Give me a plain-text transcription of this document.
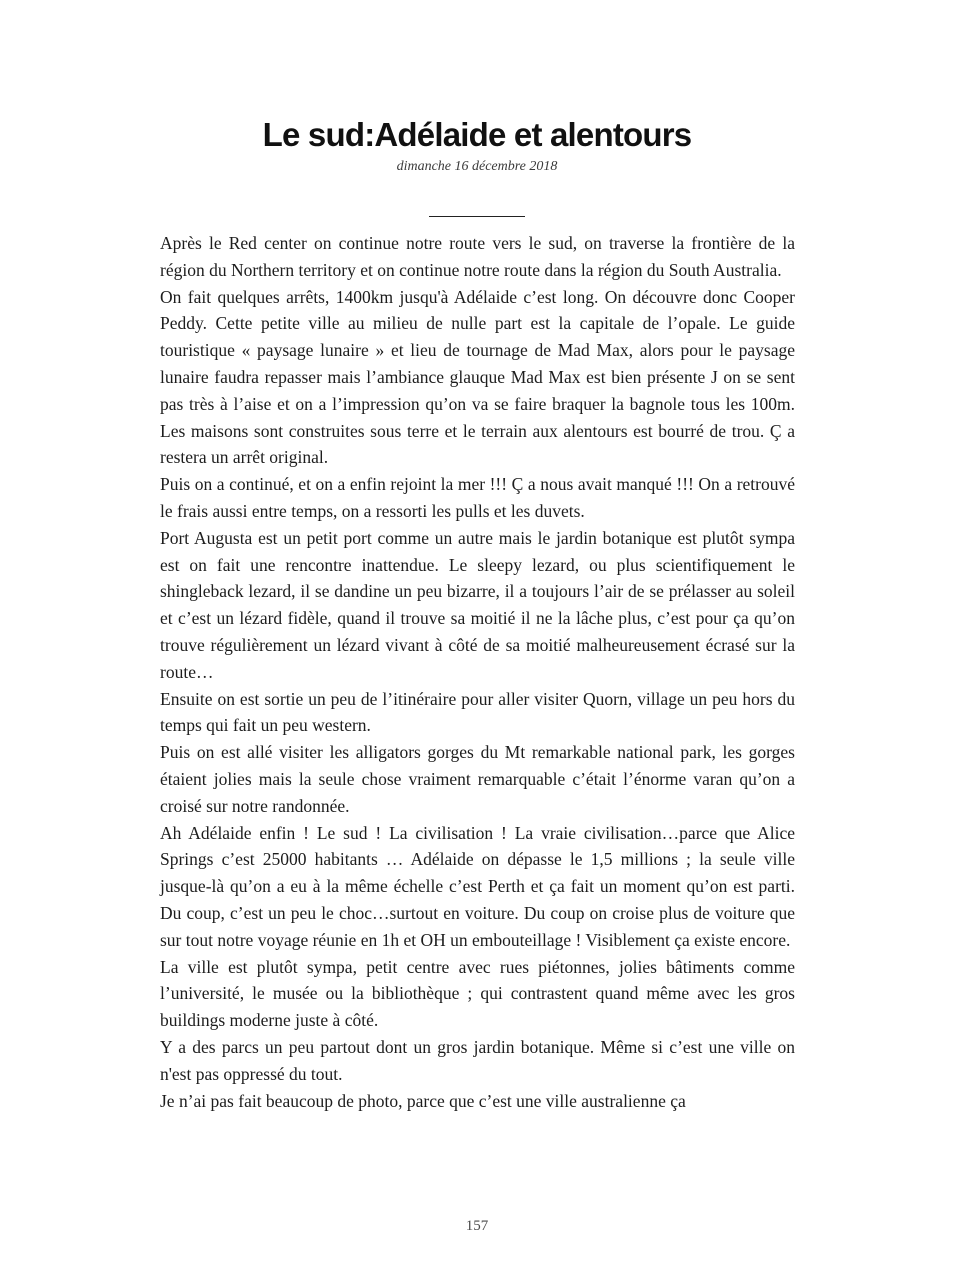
Le sud:Adélaide et alentours
dimanche 16 décembre 2018

Après le Red center on continue notre route vers le sud, on traverse la frontière de la région du Northern territory et on continue notre route dans la région du South Australia.

On fait quelques arrêts, 1400km jusqu'à Adélaide c’est long. On découvre donc Cooper Peddy. Cette petite ville au milieu de nulle part est la capitale de l’opale. Le guide touristique « paysage lunaire » et lieu de tournage de Mad Max, alors pour le paysage lunaire faudra repasser mais l’ambiance glauque Mad Max est bien présente J on se sent pas très à l’aise et on a l’impression qu’on va se faire braquer la bagnole tous les 100m. Les maisons sont construites sous terre et le terrain aux alentours est bourré de trou. Ç a restera un arrêt original.

Puis on a continué, et on a enfin rejoint la mer !!! Ç a nous avait manqué !!! On a retrouvé le frais aussi entre temps, on a ressorti les pulls et les duvets.

Port Augusta est un petit port comme un autre mais le jardin botanique est plutôt sympa est on fait une rencontre inattendue. Le sleepy lezard, ou plus scientifiquement le shingleback lezard, il se dandine un peu bizarre, il a toujours l’air de se prélasser au soleil et c’est un lézard fidèle, quand il trouve sa moitié il ne la lâche plus, c’est pour ça qu’on trouve régulièrement un lézard vivant à côté de sa moitié malheureusement écrasé sur la route…

Ensuite on est sortie un peu de l’itinéraire pour aller visiter Quorn, village un peu hors du temps qui fait un peu western.

Puis on est allé visiter les alligators gorges du Mt remarkable national park, les gorges étaient jolies mais la seule chose vraiment remarquable c’était l’énorme varan qu’on a croisé sur notre randonnée.

Ah Adélaide enfin ! Le sud ! La civilisation ! La vraie civilisation…parce que Alice Springs c’est 25000 habitants … Adélaide on dépasse le 1,5 millions ; la seule ville jusque-là qu’on a eu à la même échelle c’est Perth et ça fait un moment qu’on est parti. Du coup, c’est un peu le choc…surtout en voiture. Du coup on croise plus de voiture que sur tout notre voyage réunie en 1h et OH un embouteillage ! Visiblement ça existe encore.

La ville est plutôt sympa, petit centre avec rues piétonnes, jolies bâtiments comme l’université, le musée ou la bibliothèque ; qui contrastent quand même avec les gros buildings moderne juste à côté.

Y a des parcs un peu partout dont un gros jardin botanique. Même si c’est une ville on n'est pas oppressé du tout.

Je n’ai pas fait beaucoup de photo, parce que c’est une ville australienne ça

157
